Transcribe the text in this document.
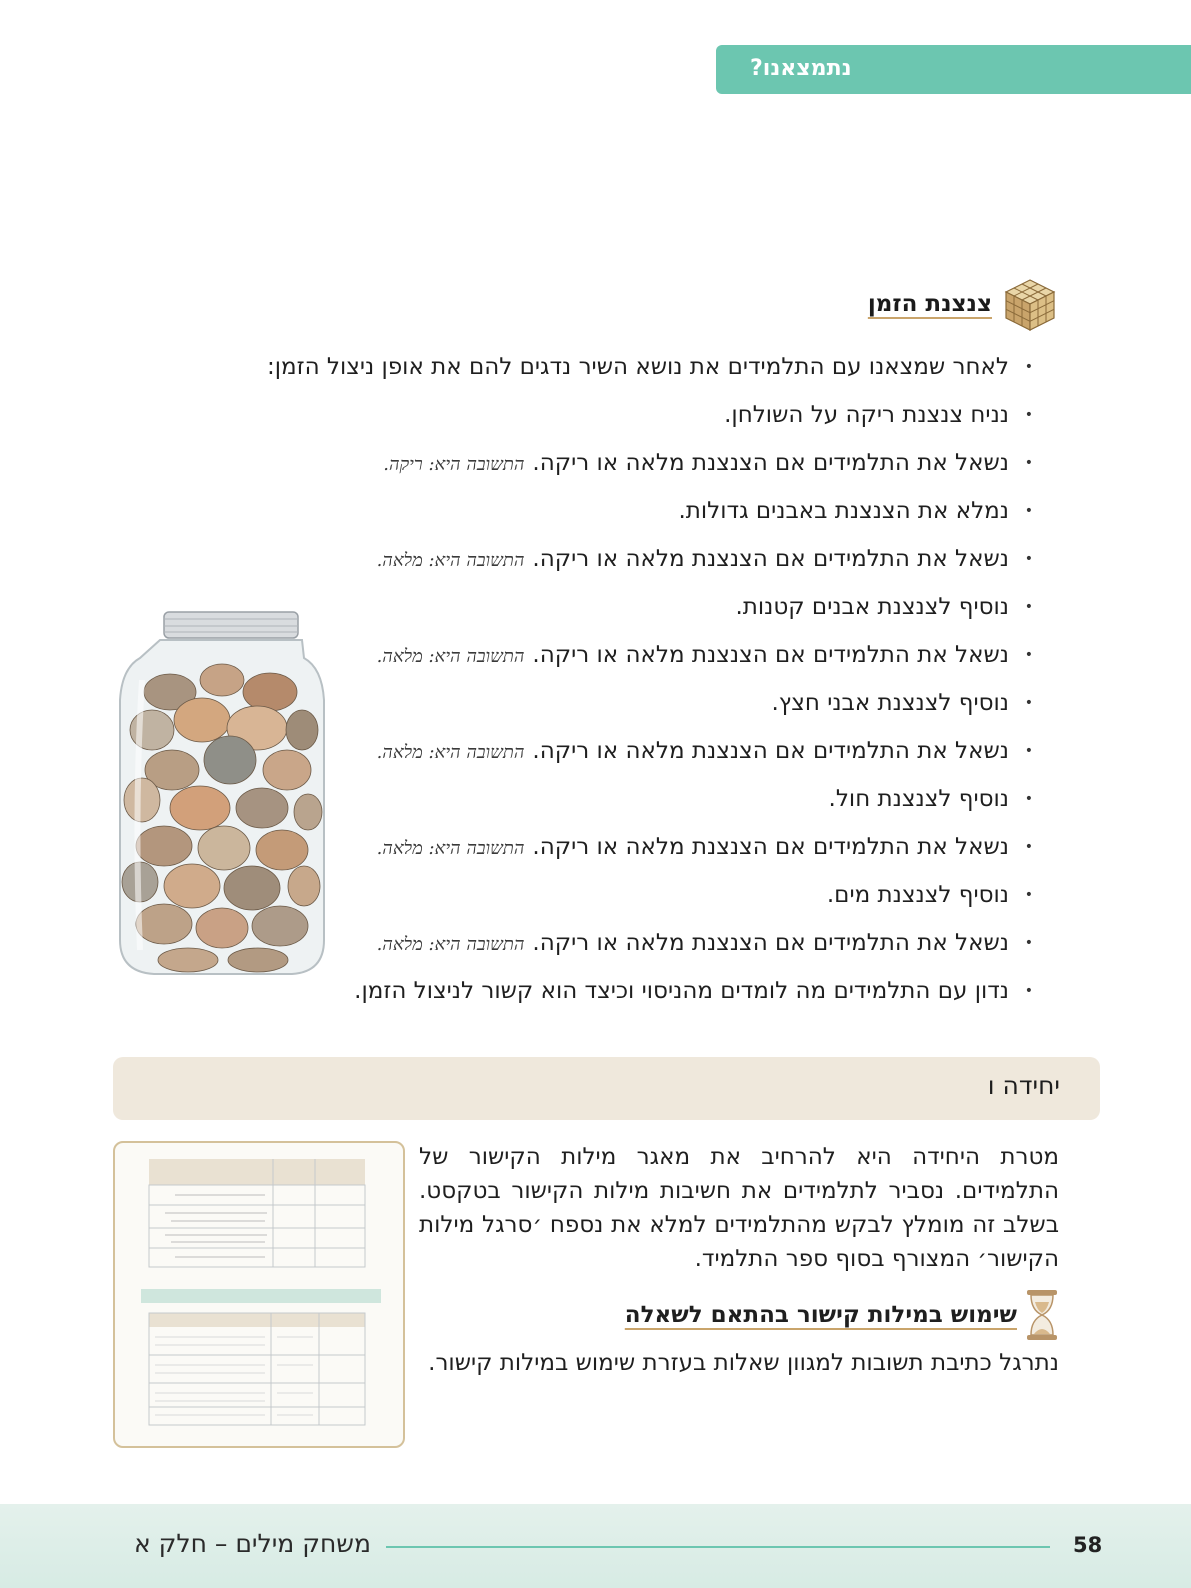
נתמצאנו?
צנצנת הזמן
• לאחר שמצאנו עם התלמידים את נושא השיר נדגים להם את אופן ניצול הזמן:
• נניח צנצנת ריקה על השולחן.
• נשאל את התלמידים אם הצנצנת מלאה או ריקה.התשובה היא: ריקה.
• נמלא את הצנצנת באבנים גדולות.
• נשאל את התלמידים אם הצנצנת מלאה או ריקה.התשובה היא: מלאה.
• נוסיף לצנצנת אבנים קטנות.
• נשאל את התלמידים אם הצנצנת מלאה או ריקה.התשובה היא: מלאה.
• נוסיף לצנצנת אבני חצץ.
• נשאל את התלמידים אם הצנצנת מלאה או ריקה.התשובה היא: מלאה.
• נוסיף לצנצנת חול.
• נשאל את התלמידים אם הצנצנת מלאה או ריקה.התשובה היא: מלאה.
• נוסיף לצנצנת מים.
• נשאל את התלמידים אם הצנצנת מלאה או ריקה.התשובה היא: מלאה.
• נדון עם התלמידים מה לומדים מהניסוי וכיצד הוא קשור לניצול הזמן.
יחידה ו

מטרת היחידה היא להרחיב את מאגר מילות הקישור של התלמידים. נסביר לתלמידים את חשיבות מילות הקישור בטקסט. בשלב זה מומלץ לבקש מהתלמידים למלא את נספח ׳סרגל מילות הקישור׳ המצורף בסוף ספר התלמיד.

שימוש במילות קישור בהתאם לשאלה

נתרגל כתיבת תשובות למגוון שאלות בעזרת שימוש במילות קישור.

58
משחק מילים – חלק א
